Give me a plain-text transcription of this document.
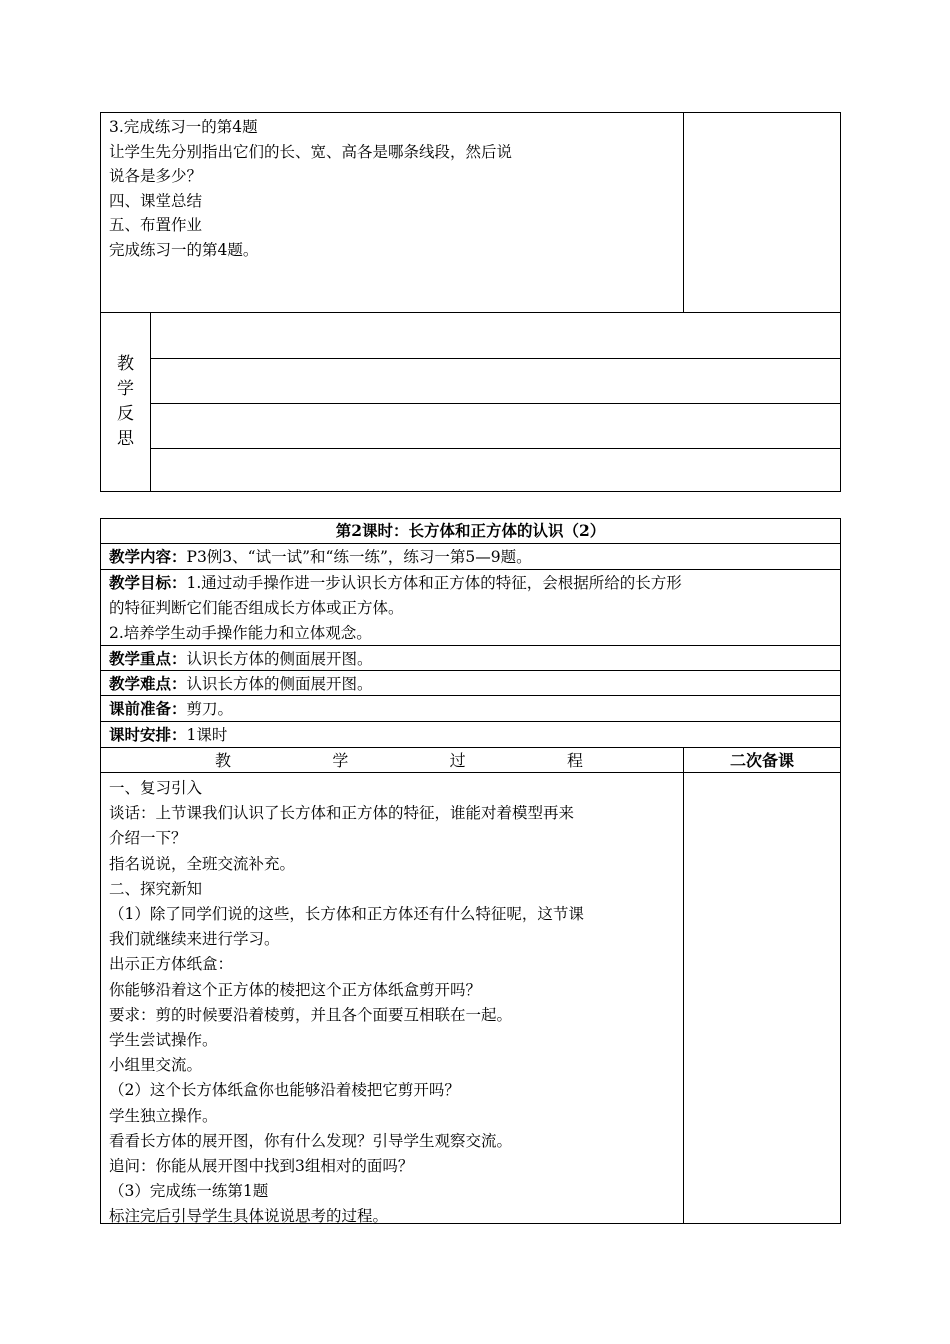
3.完成练习一的第4题
让学生先分别指出它们的长、宽、高各是哪条线段，然后说
说各是多少？
四、课堂总结
五、布置作业
完成练习一的第4题。
教
学
反
思
第2课时：长方体和正方体的认识（2）
教学内容：P3例3、“试一试”和“练一练”，练习一第5—9题。
教学目标：1.通过动手操作进一步认识长方体和正方体的特征，会根据所给的长方形
的特征判断它们能否组成长方体或正方体。
2.培养学生动手操作能力和立体观念。
教学重点：认识长方体的侧面展开图。
教学难点：认识长方体的侧面展开图。
课前准备：剪刀。
课时安排：1课时
教	学	过	程	二次备课
一、复习引入
谈话：上节课我们认识了长方体和正方体的特征，谁能对着模型再来
介绍一下？
指名说说，全班交流补充。
二、探究新知
（1）除了同学们说的这些，长方体和正方体还有什么特征呢，这节课
我们就继续来进行学习。
出示正方体纸盒：
你能够沿着这个正方体的棱把这个正方体纸盒剪开吗？
要求：剪的时候要沿着棱剪，并且各个面要互相联在一起。
学生尝试操作。
小组里交流。
（2）这个长方体纸盒你也能够沿着棱把它剪开吗？
学生独立操作。
看看长方体的展开图，你有什么发现？引导学生观察交流。
追问：你能从展开图中找到3组相对的面吗？
（3）完成练一练第1题
标注完后引导学生具体说说思考的过程。
